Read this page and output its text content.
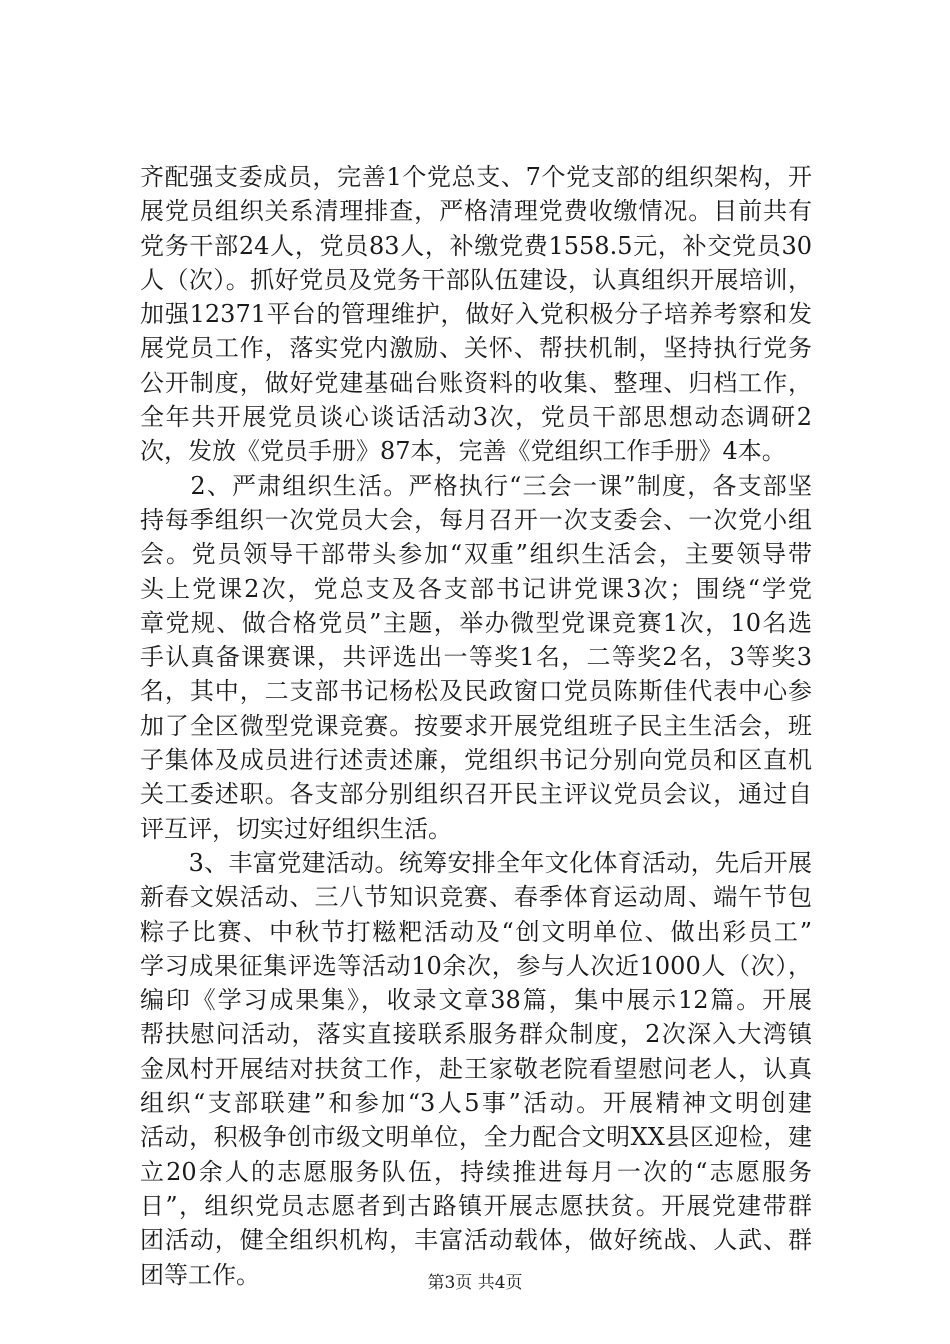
齐配强支委成员，完善1个党总支、7个党支部的组织架构，开
展党员组织关系清理排查，严格清理党费收缴情况。目前共有
党务干部24人，党员83人，补缴党费1558.5元，补交党员30
人（次）。抓好党员及党务干部队伍建设，认真组织开展培训，
加强12371平台的管理维护，做好入党积极分子培养考察和发
展党员工作，落实党内激励、关怀、帮扶机制，坚持执行党务
公开制度，做好党建基础台账资料的收集、整理、归档工作，
全年共开展党员谈心谈话活动3次，党员干部思想动态调研2
次，发放《党员手册》87本，完善《党组织工作手册》4本。
　　2、严肃组织生活。严格执行“三会一课”制度，各支部坚
持每季组织一次党员大会，每月召开一次支委会、一次党小组
会。党员领导干部带头参加“双重”组织生活会，主要领导带
头上党课2次，党总支及各支部书记讲党课3次；围绕“学党
章党规、做合格党员”主题，举办微型党课竞赛1次，10名选
手认真备课赛课，共评选出一等奖1名，二等奖2名，3等奖3
名，其中，二支部书记杨松及民政窗口党员陈斯佳代表中心参
加了全区微型党课竞赛。按要求开展党组班子民主生活会，班
子集体及成员进行述责述廉，党组织书记分别向党员和区直机
关工委述职。各支部分别组织召开民主评议党员会议，通过自
评互评，切实过好组织生活。
　　3、丰富党建活动。统筹安排全年文化体育活动，先后开展
新春文娱活动、三八节知识竞赛、春季体育运动周、端午节包
粽子比赛、中秋节打糍粑活动及“创文明单位、做出彩员工”
学习成果征集评选等活动10余次，参与人次近1000人（次），
编印《学习成果集》，收录文章38篇，集中展示12篇。开展
帮扶慰问活动，落实直接联系服务群众制度，2次深入大湾镇
金凤村开展结对扶贫工作，赴王家敬老院看望慰问老人，认真
组织“支部联建”和参加“3人5事”活动。开展精神文明创建
活动，积极争创市级文明单位，全力配合文明XX县区迎检，建
立20余人的志愿服务队伍，持续推进每月一次的“志愿服务
日”，组织党员志愿者到古路镇开展志愿扶贫。开展党建带群
团活动，健全组织机构，丰富活动载体，做好统战、人武、群
团等工作。	第3页 共4页
